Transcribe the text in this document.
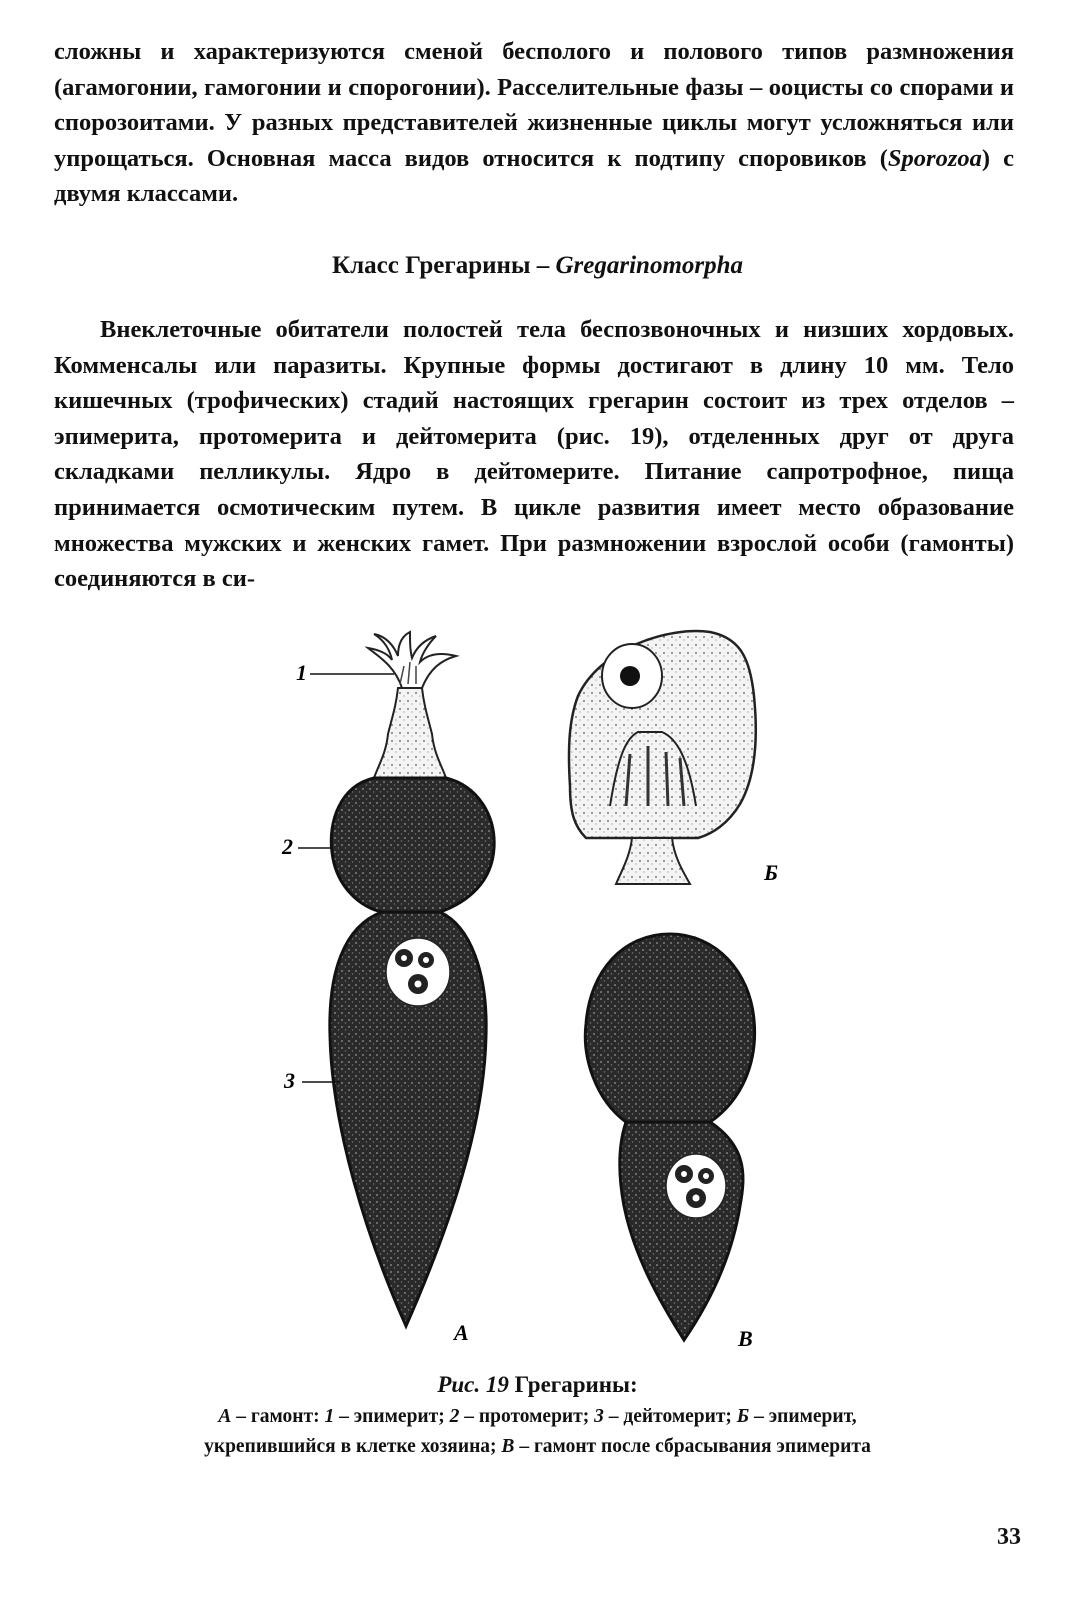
сложны и характеризуются сменой бесполого и полового типов размножения (агамогонии, гамогонии и спорогонии). Расселительные фазы – ооцисты со спорами и спорозоитами. У разных представителей жизненные циклы могут усложняться или упрощаться. Основная масса видов относится к подтипу споровиков (Sporozoa) с двумя классами.

Класс Грегарины – Gregarinomorpha

Внеклеточные обитатели полостей тела беспозвоночных и низших хордовых. Комменсалы или паразиты. Крупные формы достигают в длину 10 мм. Тело кишечных (трофических) стадий настоящих грегарин состоит из трех отделов – эпимерита, протомерита и дейтомерита (рис. 19), отделенных друг от друга складками пелликулы. Ядро в дейтомерите. Питание сапротрофное, пища принимается осмотическим путем. В цикле развития имеет место образование множества мужских и женских гамет. При размножении взрослой особи (гамонты) соединяются в си-

1
2
3
А
Б
В
Рис. 19 Грегарины:
А – гамонт: 1 – эпимерит; 2 – протомерит; 3 – дейтомерит; Б – эпимерит,
укрепившийся в клетке хозяина; В – гамонт после сбрасывания эпимерита
33
